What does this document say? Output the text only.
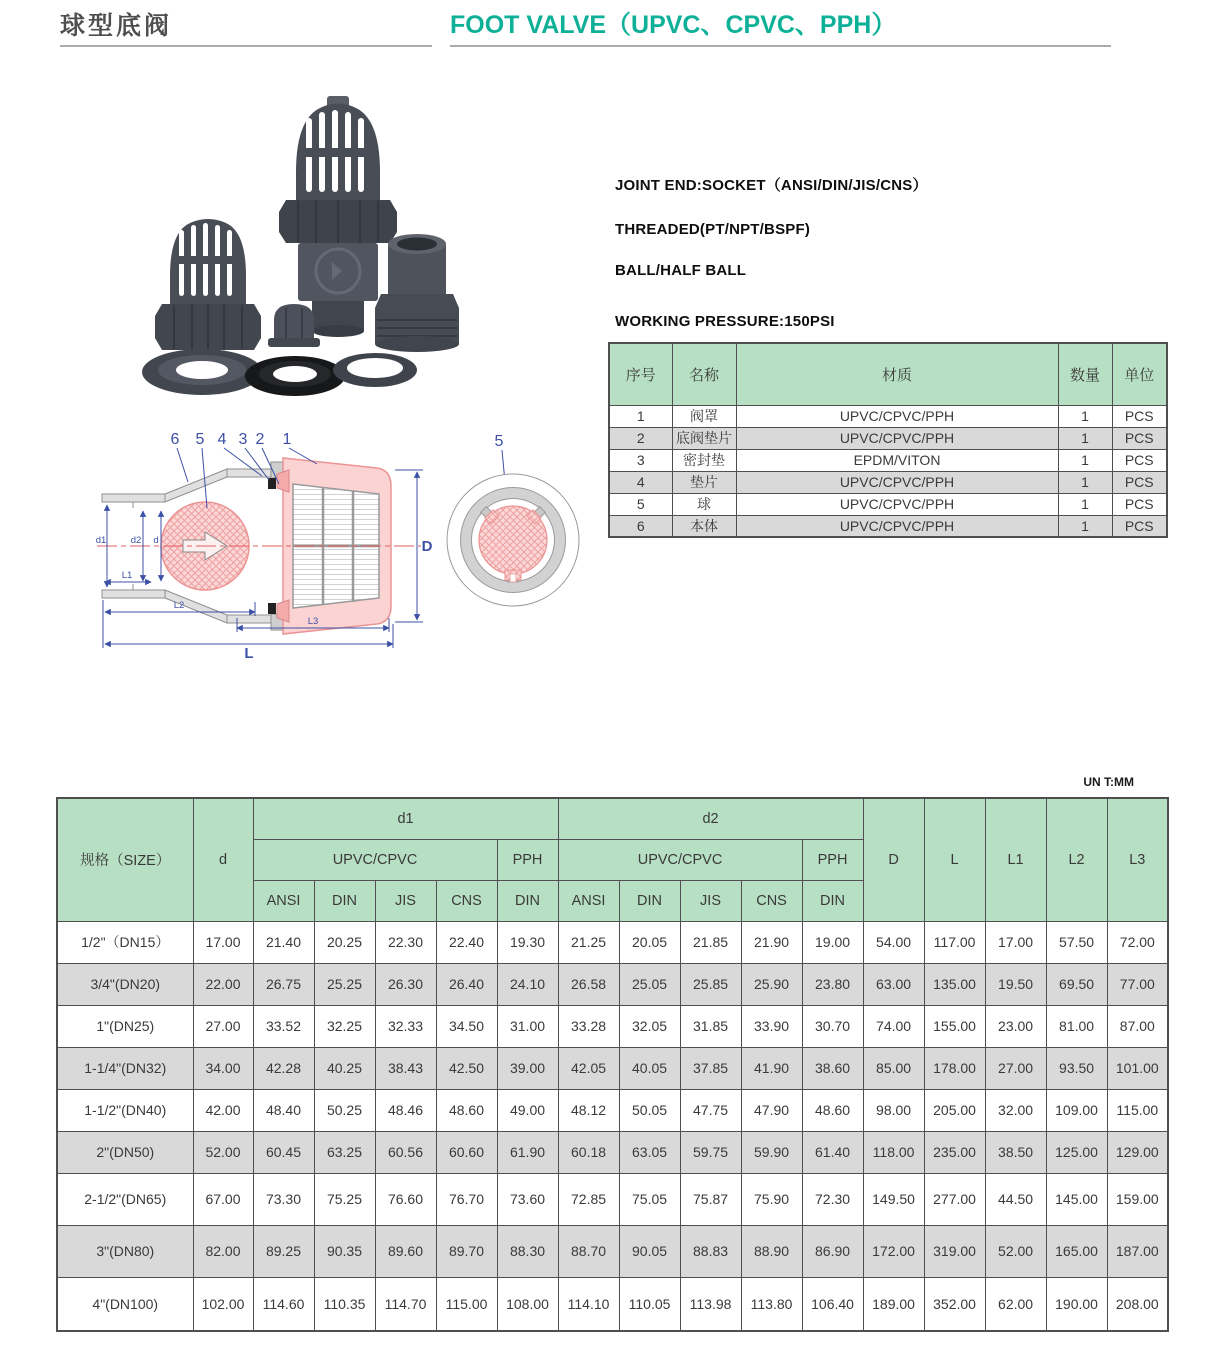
球型底阀	FOOT VALVE（UPVC、CPVC、PPH）
d1	d2 d
L1
L2
L3
L
D
6 5 4 3 2 1	5
JOINT END:SOCKET（ANSI/DIN/JIS/CNS）
THREADED(PT/NPT/BSPF)
BALL/HALF BALL
WORKING PRESSURE:150PSI
序号	名称	材质	数量	单位
1	阀罩	UPVC/CPVC/PPH	1	PCS
2	底阀垫片	UPVC/CPVC/PPH	1	PCS
3	密封垫	EPDM/VITON	1	PCS
4	垫片	UPVC/CPVC/PPH	1	PCS
5	球	UPVC/CPVC/PPH	1	PCS
6	本体	UPVC/CPVC/PPH	1	PCS
UN T:MM
规格（SIZE）	d	d1					d2					D	L	L1	L2	L3
		UPVC/CPVC				PPH	UPVC/CPVC				PPH					
		ANSI	DIN	JIS	CNS	DIN	ANSI	DIN	JIS	CNS	DIN					
1/2"（DN15）	17.00	21.40	20.25	22.30	22.40	19.30	21.25	20.05	21.85	21.90	19.00	54.00	117.00	17.00	57.50	72.00
3/4"(DN20)	22.00	26.75	25.25	26.30	26.40	24.10	26.58	25.05	25.85	25.90	23.80	63.00	135.00	19.50	69.50	77.00
1"(DN25)	27.00	33.52	32.25	32.33	34.50	31.00	33.28	32.05	31.85	33.90	30.70	74.00	155.00	23.00	81.00	87.00
1-1/4"(DN32)	34.00	42.28	40.25	38.43	42.50	39.00	42.05	40.05	37.85	41.90	38.60	85.00	178.00	27.00	93.50	101.00
1-1/2"(DN40)	42.00	48.40	50.25	48.46	48.60	49.00	48.12	50.05	47.75	47.90	48.60	98.00	205.00	32.00	109.00	115.00
2"(DN50)	52.00	60.45	63.25	60.56	60.60	61.90	60.18	63.05	59.75	59.90	61.40	118.00	235.00	38.50	125.00	129.00
2-1/2"(DN65)	67.00	73.30	75.25	76.60	76.70	73.60	72.85	75.05	75.87	75.90	72.30	149.50	277.00	44.50	145.00	159.00
3"(DN80)	82.00	89.25	90.35	89.60	89.70	88.30	88.70	90.05	88.83	88.90	86.90	172.00	319.00	52.00	165.00	187.00
4"(DN100)	102.00	114.60	110.35	114.70	115.00	108.00	114.10	110.05	113.98	113.80	106.40	189.00	352.00	62.00	190.00	208.00
